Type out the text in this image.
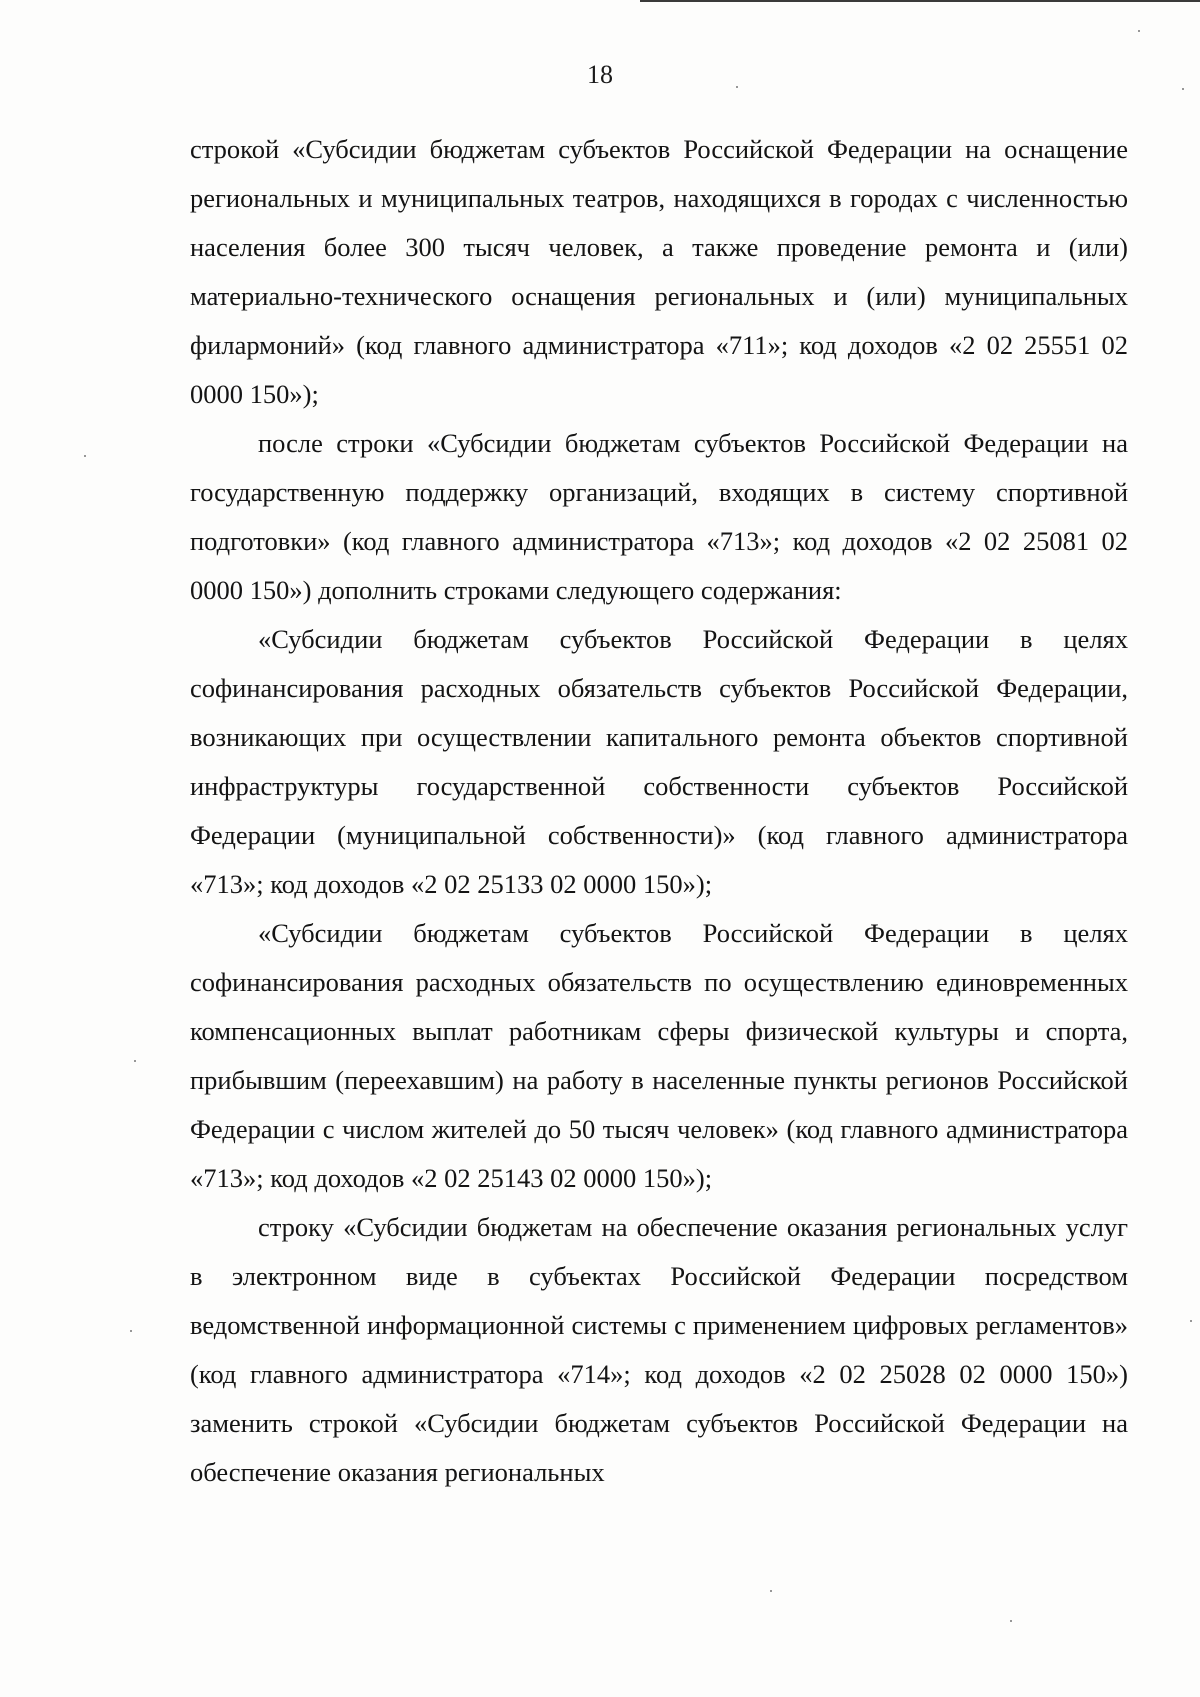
18

строкой «Субсидии бюджетам субъектов Российской Федерации на оснащение региональных и муниципальных театров, находящихся в городах с численностью населения более 300 тысяч человек, а также проведение ремонта и (или) материально-технического оснащения региональных и (или) муниципальных филармоний» (код главного администратора «711»; код доходов «2 02 25551 02 0000 150»);

после строки «Субсидии бюджетам субъектов Российской Федерации на государственную поддержку организаций, входящих в систему спортивной подготовки» (код главного администратора «713»; код доходов «2 02 25081 02 0000 150») дополнить строками следующего содержания:

«Субсидии бюджетам субъектов Российской Федерации в целях софинансирования расходных обязательств субъектов Российской Федерации, возникающих при осуществлении капитального ремонта объектов спортивной инфраструктуры государственной собственности субъектов Российской Федерации (муниципальной собственности)» (код главного администратора «713»; код доходов «2 02 25133 02 0000 150»);

«Субсидии бюджетам субъектов Российской Федерации в целях софинансирования расходных обязательств по осуществлению единовременных компенсационных выплат работникам сферы физической культуры и спорта, прибывшим (переехавшим) на работу в населенные пункты регионов Российской Федерации с числом жителей до 50 тысяч человек» (код главного администратора «713»; код доходов «2 02 25143 02 0000 150»);

строку «Субсидии бюджетам на обеспечение оказания региональных услуг в электронном виде в субъектах Российской Федерации посредством ведомственной информационной системы с применением цифровых регламентов» (код главного администратора «714»; код доходов «2 02 25028 02 0000 150») заменить строкой «Субсидии бюджетам субъектов Российской Федерации на обеспечение оказания региональных
